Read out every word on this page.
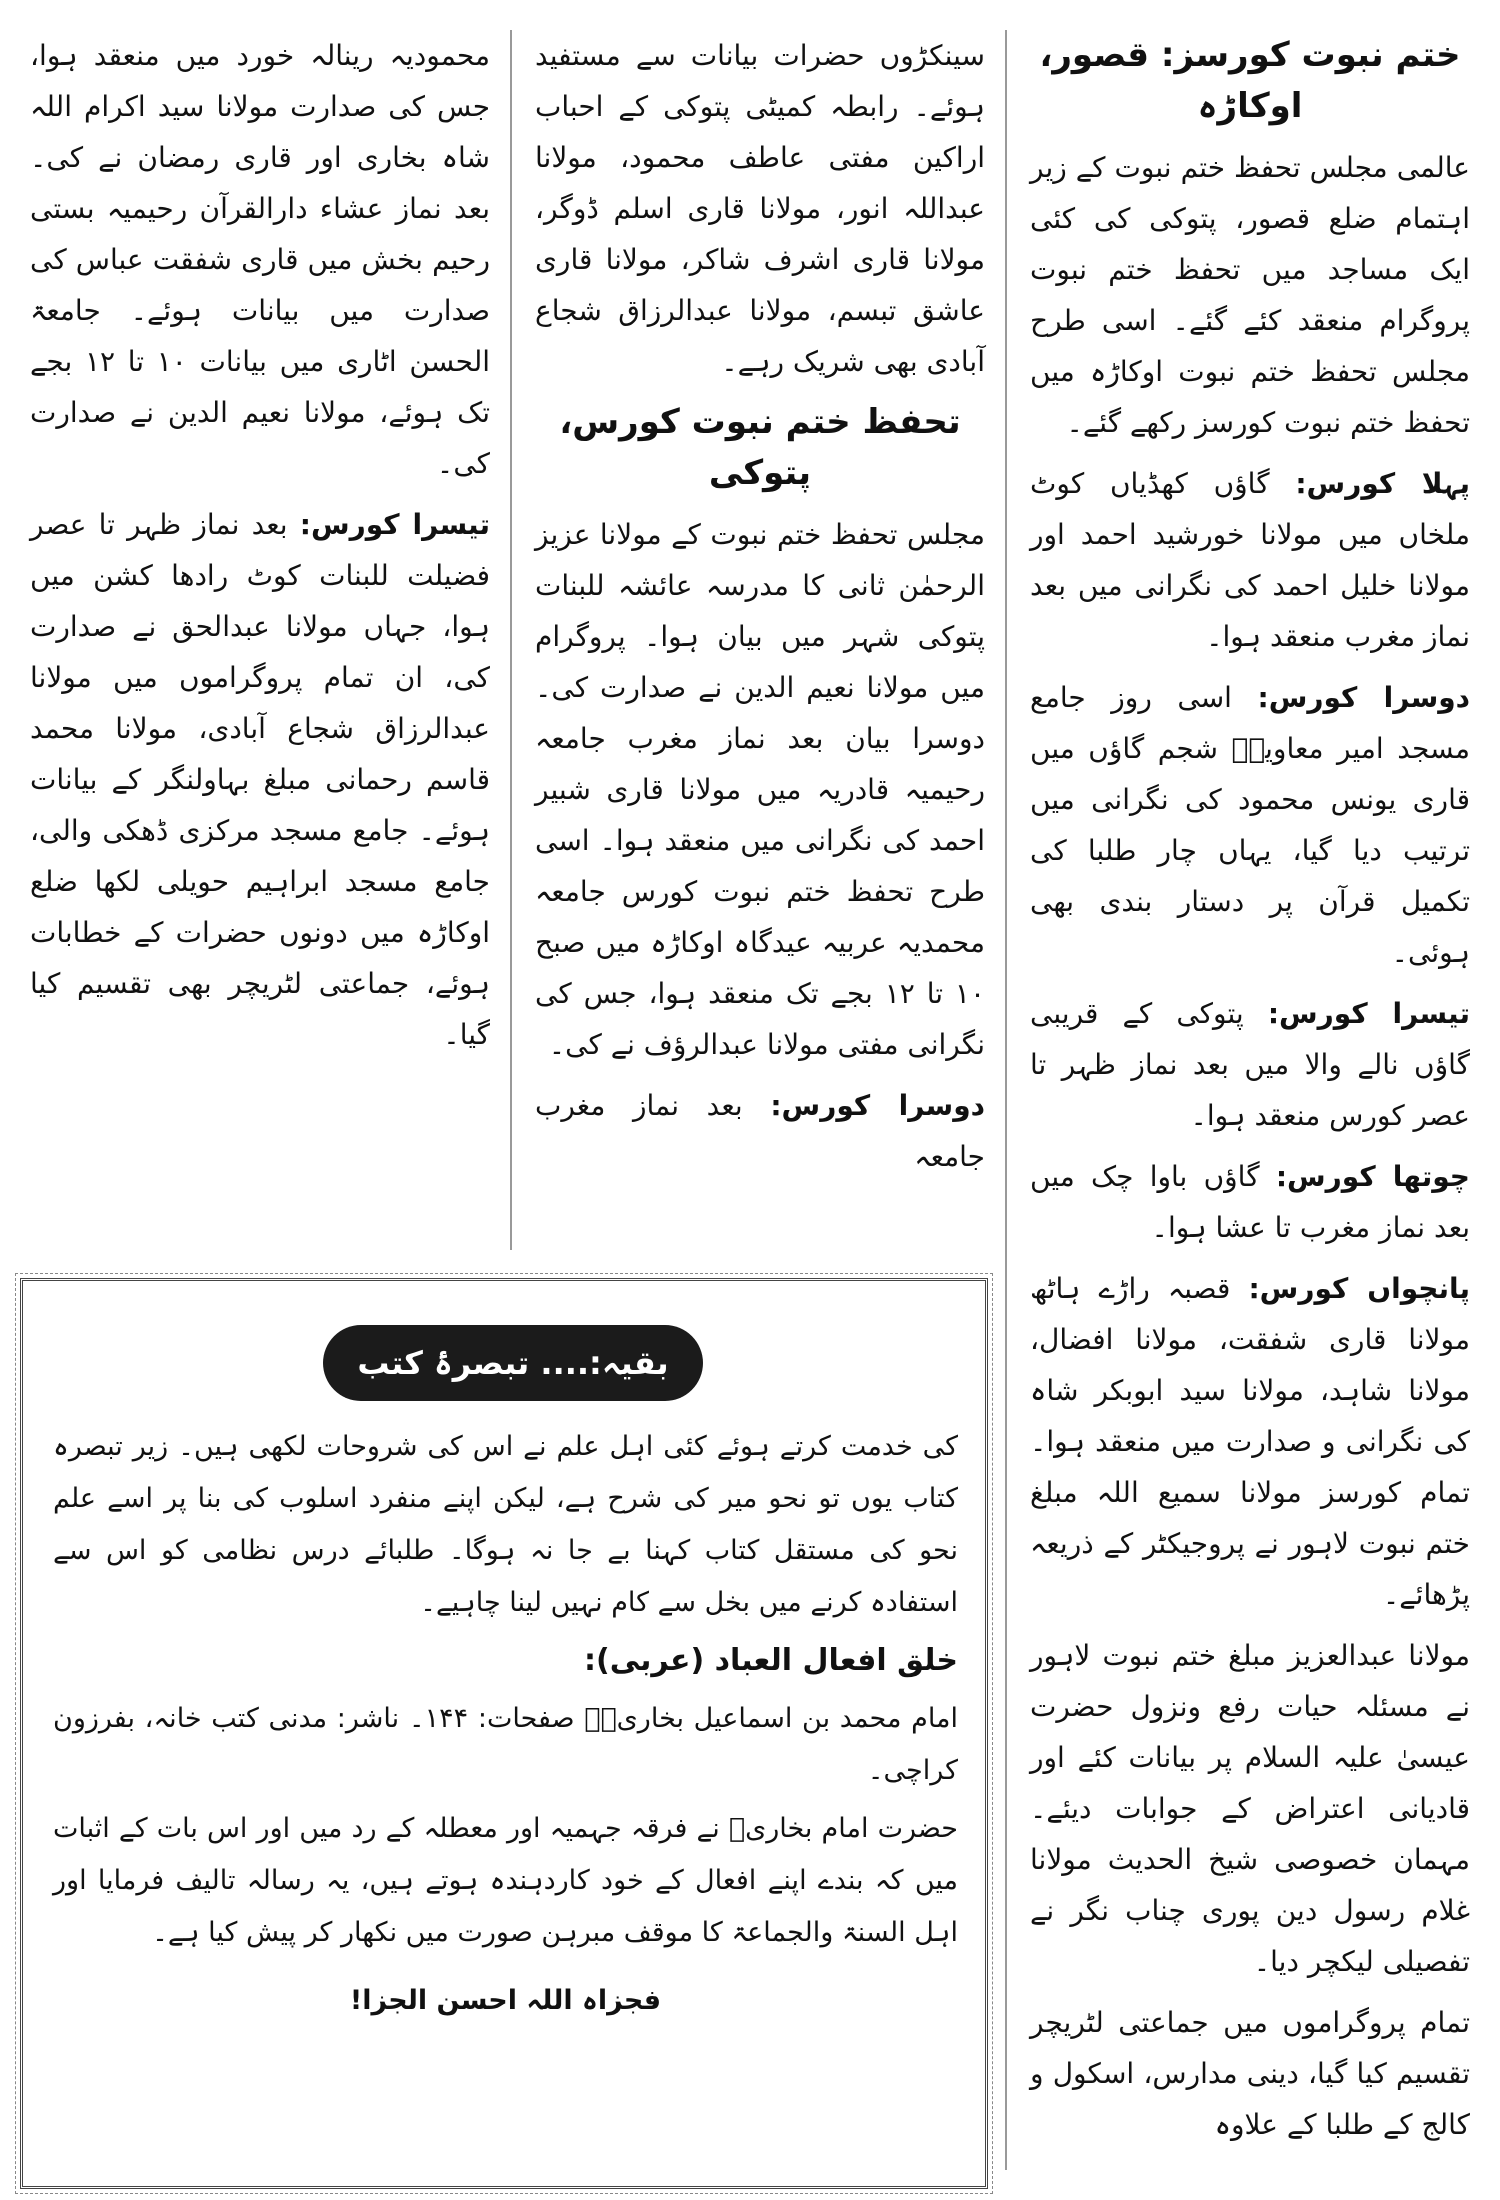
ختم نبوت کورسز: قصور، اوکاڑہ

عالمی مجلس تحفظ ختم نبوت کے زیر اہتمام ضلع قصور، پتوکی کی کئی ایک مساجد میں تحفظ ختم نبوت پروگرام منعقد کئے گئے۔ اسی طرح مجلس تحفظ ختم نبوت اوکاڑہ میں تحفظ ختم نبوت کورسز رکھے گئے۔

پہلا کورس: گاؤں کھڈیاں کوٹ ملخاں میں مولانا خورشید احمد اور مولانا خلیل احمد کی نگرانی میں بعد نماز مغرب منعقد ہوا۔

دوسرا کورس: اسی روز جامع مسجد امیر معاویہؓ شجم گاؤں میں قاری یونس محمود کی نگرانی میں ترتیب دیا گیا، یہاں چار طلبا کی تکمیل قرآن پر دستار بندی بھی ہوئی۔

تیسرا کورس: پتوکی کے قریبی گاؤں نالے والا میں بعد نماز ظہر تا عصر کورس منعقد ہوا۔

چوتھا کورس: گاؤں باوا چک میں بعد نماز مغرب تا عشا ہوا۔

پانچواں کورس: قصبہ راڑے ہاٹھ مولانا قاری شفقت، مولانا افضال، مولانا شاہد، مولانا سید ابوبکر شاہ کی نگرانی و صدارت میں منعقد ہوا۔ تمام کورسز مولانا سمیع اللہ مبلغ ختم نبوت لاہور نے پروجیکٹر کے ذریعہ پڑھائے۔

مولانا عبدالعزیز مبلغ ختم نبوت لاہور نے مسئلہ حیات رفع ونزول حضرت عیسیٰ علیہ السلام پر بیانات کئے اور قادیانی اعتراض کے جوابات دیئے۔ مہمان خصوصی شیخ الحدیث مولانا غلام رسول دین پوری چناب نگر نے تفصیلی لیکچر دیا۔

تمام پروگراموں میں جماعتی لٹریچر تقسیم کیا گیا، دینی مدارس، اسکول و کالج کے طلبا کے علاوہ

سینکڑوں حضرات بیانات سے مستفید ہوئے۔ رابطہ کمیٹی پتوکی کے احباب اراکین مفتی عاطف محمود، مولانا عبداللہ انور، مولانا قاری اسلم ڈوگر، مولانا قاری اشرف شاکر، مولانا قاری عاشق تبسم، مولانا عبدالرزاق شجاع آبادی بھی شریک رہے۔

تحفظ ختم نبوت کورس، پتوکی

مجلس تحفظ ختم نبوت کے مولانا عزیز الرحمٰن ثانی کا مدرسہ عائشہ للبنات پتوکی شہر میں بیان ہوا۔ پروگرام میں مولانا نعیم الدین نے صدارت کی۔ دوسرا بیان بعد نماز مغرب جامعہ رحیمیہ قادریہ میں مولانا قاری شبیر احمد کی نگرانی میں منعقد ہوا۔ اسی طرح تحفظ ختم نبوت کورس جامعہ محمدیہ عربیہ عیدگاہ اوکاڑہ میں صبح ۱۰ تا ۱۲ بجے تک منعقد ہوا، جس کی نگرانی مفتی مولانا عبدالرؤف نے کی۔

دوسرا کورس: بعد نماز مغرب جامعہ

محمودیہ رینالہ خورد میں منعقد ہوا، جس کی صدارت مولانا سید اکرام اللہ شاہ بخاری اور قاری رمضان نے کی۔ بعد نماز عشاء دارالقرآن رحیمیہ بستی رحیم بخش میں قاری شفقت عباس کی صدارت میں بیانات ہوئے۔ جامعۃ الحسن اٹاری میں بیانات ۱۰ تا ۱۲ بجے تک ہوئے، مولانا نعیم الدین نے صدارت کی۔

تیسرا کورس: بعد نماز ظہر تا عصر فضیلت للبنات کوٹ رادھا کشن میں ہوا، جہاں مولانا عبدالحق نے صدارت کی، ان تمام پروگراموں میں مولانا عبدالرزاق شجاع آبادی، مولانا محمد قاسم رحمانی مبلغ بہاولنگر کے بیانات ہوئے۔ جامع مسجد مرکزی ڈھکی والی، جامع مسجد ابراہیم حویلی لکھا ضلع اوکاڑہ میں دونوں حضرات کے خطابات ہوئے، جماعتی لٹریچر بھی تقسیم کیا گیا۔

بقیہ:.... تبصرۂ کتب

کی خدمت کرتے ہوئے کئی اہل علم نے اس کی شروحات لکھی ہیں۔ زیر تبصرہ کتاب یوں تو نحو میر کی شرح ہے، لیکن اپنے منفرد اسلوب کی بنا پر اسے علم نحو کی مستقل کتاب کہنا بے جا نہ ہوگا۔ طلبائے درس نظامی کو اس سے استفادہ کرنے میں بخل سے کام نہیں لینا چاہیے۔

خلق افعال العباد (عربی):

امام محمد بن اسماعیل بخاریؒ۔ صفحات: ۱۴۴۔ ناشر: مدنی کتب خانہ، بفرزون کراچی۔

حضرت امام بخاریؒ نے فرقہ جہمیہ اور معطلہ کے رد میں اور اس بات کے اثبات میں کہ بندے اپنے افعال کے خود کاردہندہ ہوتے ہیں، یہ رسالہ تالیف فرمایا اور اہل السنۃ والجماعۃ کا موقف مبرہن صورت میں نکھار کر پیش کیا ہے۔

فجزاہ اللہ احسن الجزا!
